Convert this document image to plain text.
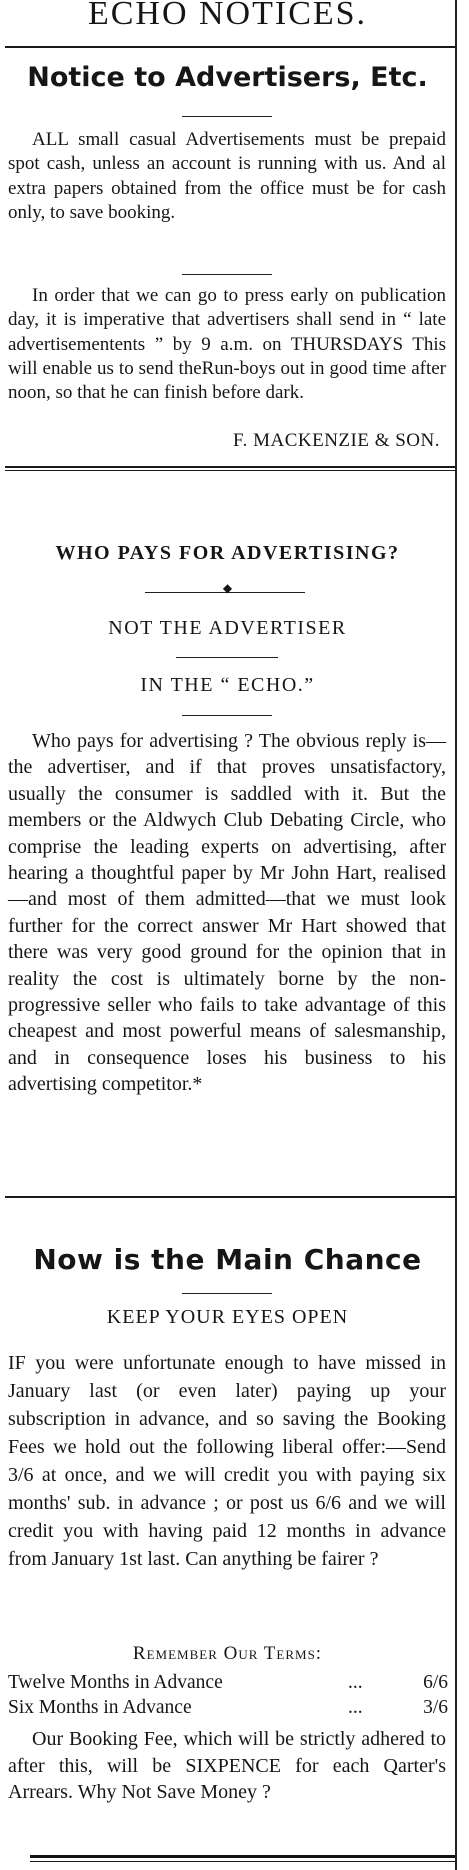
ECHO NOTICES.
Notice to Advertisers, Etc.

ALL small casual Advertisements must be prepaid spot cash, unless an account is running with us. And al extra papers obtained from the office must be for cash only, to save booking.

In order that we can go to press early on publication day, it is imperative that advertisers shall send in “ late advertisementents ” by 9 a.m. on THURSDAYS This will enable us to send theRun-boys out in good time after noon, so that he can finish before dark.

F. MACKENZIE & SON.
WHO PAYS FOR ADVERTISING?
◆
NOT THE ADVERTISER
IN THE “ ECHO.”

Who pays for advertising ? The obvious reply is—the advertiser, and if that proves unsatisfactory, usually the consumer is saddled with it. But the members or the Aldwych Club Debating Circle, who comprise the leading experts on advertising, after hearing a thoughtful paper by Mr John Hart, realised—and most of them admitted—that we must look further for the correct answer Mr Hart showed that there was very good ground for the opinion that in reality the cost is ultimately borne by the non-progressive seller who fails to take advantage of this cheapest and most powerful means of salesmanship, and in consequence loses his business to his advertising competitor.*

Now is the Main Chance
KEEP YOUR EYES OPEN

IF you were unfortunate enough to have missed in January last (or even later) paying up your subscription in advance, and so saving the Booking Fees we hold out the following liberal offer:—Send 3/6 at once, and we will credit you with paying six months' sub. in advance ; or post us 6/6 and we will credit you with having paid 12 months in advance from January 1st last. Can anything be fairer ?

Remember Our Terms:
Twelve Months in Advance	...	6/6
Six Months in Advance	...	3/6

Our Booking Fee, which will be strictly adhered to after this, will be SIXPENCE for each Qarter's Arrears. Why Not Save Money ?
